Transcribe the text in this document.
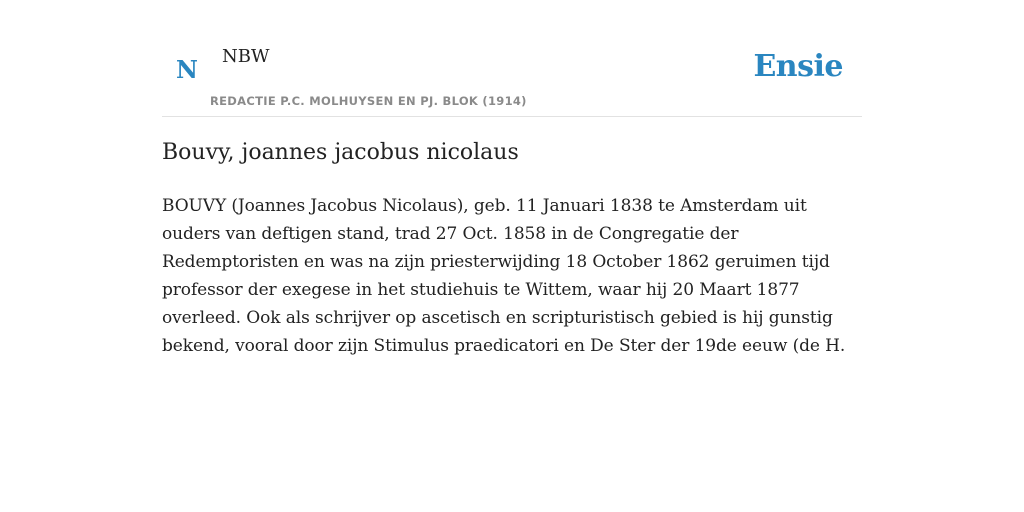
N NBW
REDACTIE P.C. MOLHUYSEN EN PJ. BLOK (1914)
Ensie
Bouvy, joannes jacobus nicolaus

BOUVY (Joannes Jacobus Nicolaus), geb. 11 Januari 1838 te Amsterdam uit ouders van deftigen stand, trad 27 Oct. 1858 in de Congregatie der Redemptoristen en was na zijn priesterwijding 18 October 1862 geruimen tijd professor der exegese in het studiehuis te Wittem, waar hij 20 Maart 1877 overleed. Ook als schrijver op ascetisch en scripturistisch gebied is hij gunstig bekend, vooral door zijn Stimulus praedicatori en De Ster der 19de eeuw (de H.
